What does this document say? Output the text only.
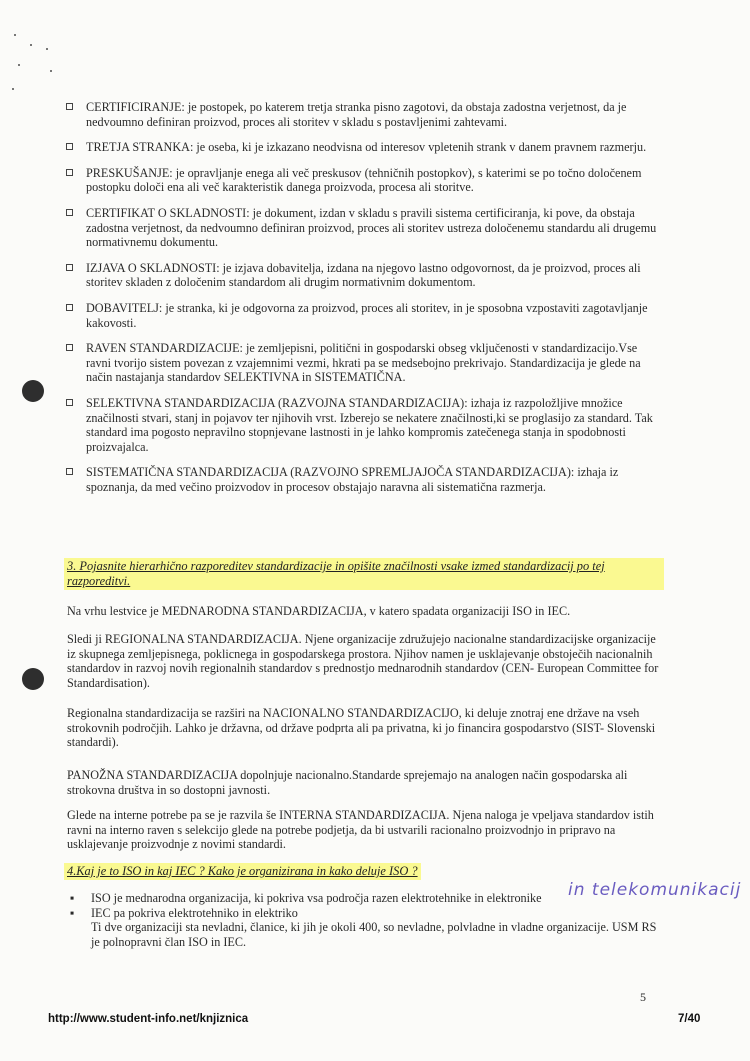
CERTIFICIRANJE: je postopek, po katerem tretja stranka pisno zagotovi, da obstaja zadostna verjetnost, da je nedvoumno definiran proizvod, proces ali storitev v skladu s postavljenimi zahtevami.
TRETJA STRANKA: je oseba, ki je izkazano neodvisna od interesov vpletenih strank v danem pravnem razmerju.
PRESKUŠANJE: je opravljanje enega ali več preskusov (tehničnih postopkov), s katerimi se po točno določenem postopku določi ena ali več karakteristik danega proizvoda, procesa ali storitve.
CERTIFIKAT O SKLADNOSTI: je dokument, izdan v skladu s pravili sistema certificiranja, ki pove, da obstaja zadostna verjetnost, da nedvoumno definiran proizvod, proces ali storitev ustreza določenemu standardu ali drugemu normativnemu dokumentu.
IZJAVA O SKLADNOSTI: je izjava dobavitelja, izdana na njegovo lastno odgovornost, da je proizvod, proces ali storitev skladen z določenim standardom ali drugim normativnim dokumentom.
DOBAVITELJ: je stranka, ki je odgovorna za proizvod, proces ali storitev, in je sposobna vzpostaviti zagotavljanje kakovosti.
RAVEN STANDARDIZACIJE: je zemljepisni, politični in gospodarski obseg vključenosti v standardizacijo.Vse ravni tvorijo sistem povezan z vzajemnimi vezmi, hkrati pa se medsebojno prekrivajo. Standardizacija je glede na način nastajanja standardov SELEKTIVNA in SISTEMATIČNA.
SELEKTIVNA STANDARDIZACIJA (RAZVOJNA STANDARDIZACIJA): izhaja iz razpoložljive množice značilnosti stvari, stanj in pojavov ter njihovih vrst. Izberejo se nekatere značilnosti,ki se proglasijo za standard. Tak standard ima pogosto nepravilno stopnjevane lastnosti in je lahko kompromis zatečenega stanja in spodobnosti proizvajalca.
SISTEMATIČNA STANDARDIZACIJA (RAZVOJNO SPREMLJAJOČA STANDARDIZACIJA): izhaja iz spoznanja, da med večino proizvodov in procesov obstajajo naravna ali sistematična razmerja.
3. Pojasnite hierarhično razporeditev standardizacije in opišite značilnosti vsake izmed standardizacij po tej razporeditvi.
Na vrhu lestvice je MEDNARODNA STANDARDIZACIJA, v katero spadata organizaciji ISO in IEC.
Sledi ji REGIONALNA STANDARDIZACIJA. Njene organizacije združujejo nacionalne standardizacijske organizacije iz skupnega zemljepisnega, poklicnega in gospodarskega prostora. Njihov namen je usklajevanje obstoječih nacionalnih standardov in razvoj novih regionalnih standardov s prednostjo mednarodnih standardov (CEN- European Committee for Standardisation).
Regionalna standardizacija se razširi na NACIONALNO STANDARDIZACIJO, ki deluje znotraj ene države na vseh strokovnih področjih. Lahko je državna, od države podprta ali pa privatna, ki jo financira gospodarstvo (SIST- Slovenski standardi).
PANOŽNA STANDARDIZACIJA dopolnjuje nacionalno.Standarde sprejemajo na analogen način gospodarska ali strokovna društva in so dostopni javnosti.
Glede na interne potrebe pa se je razvila še INTERNA STANDARDIZACIJA. Njena naloga je vpeljava standardov istih ravni na interno raven s selekcijo glede na potrebe podjetja, da bi ustvarili racionalno proizvodnjo in pripravo na usklajevanje proizvodnje z novimi standardi.
4.Kaj je to ISO in kaj IEC ? Kako je organizirana in kako deluje ISO ?
▪ ISO je mednarodna organizacija, ki pokriva vsa področja razen elektrotehnike in elektronike
▪ IEC pa pokriva elektrotehniko in elektriko
Ti dve organizaciji sta nevladni, članice, ki jih je okoli 400, so nevladne, polvladne in vladne organizacije. USM RS je polnopravni član ISO in IEC.
in telekomunikacij
5
http://www.student-info.net/knjiznica	7/40
